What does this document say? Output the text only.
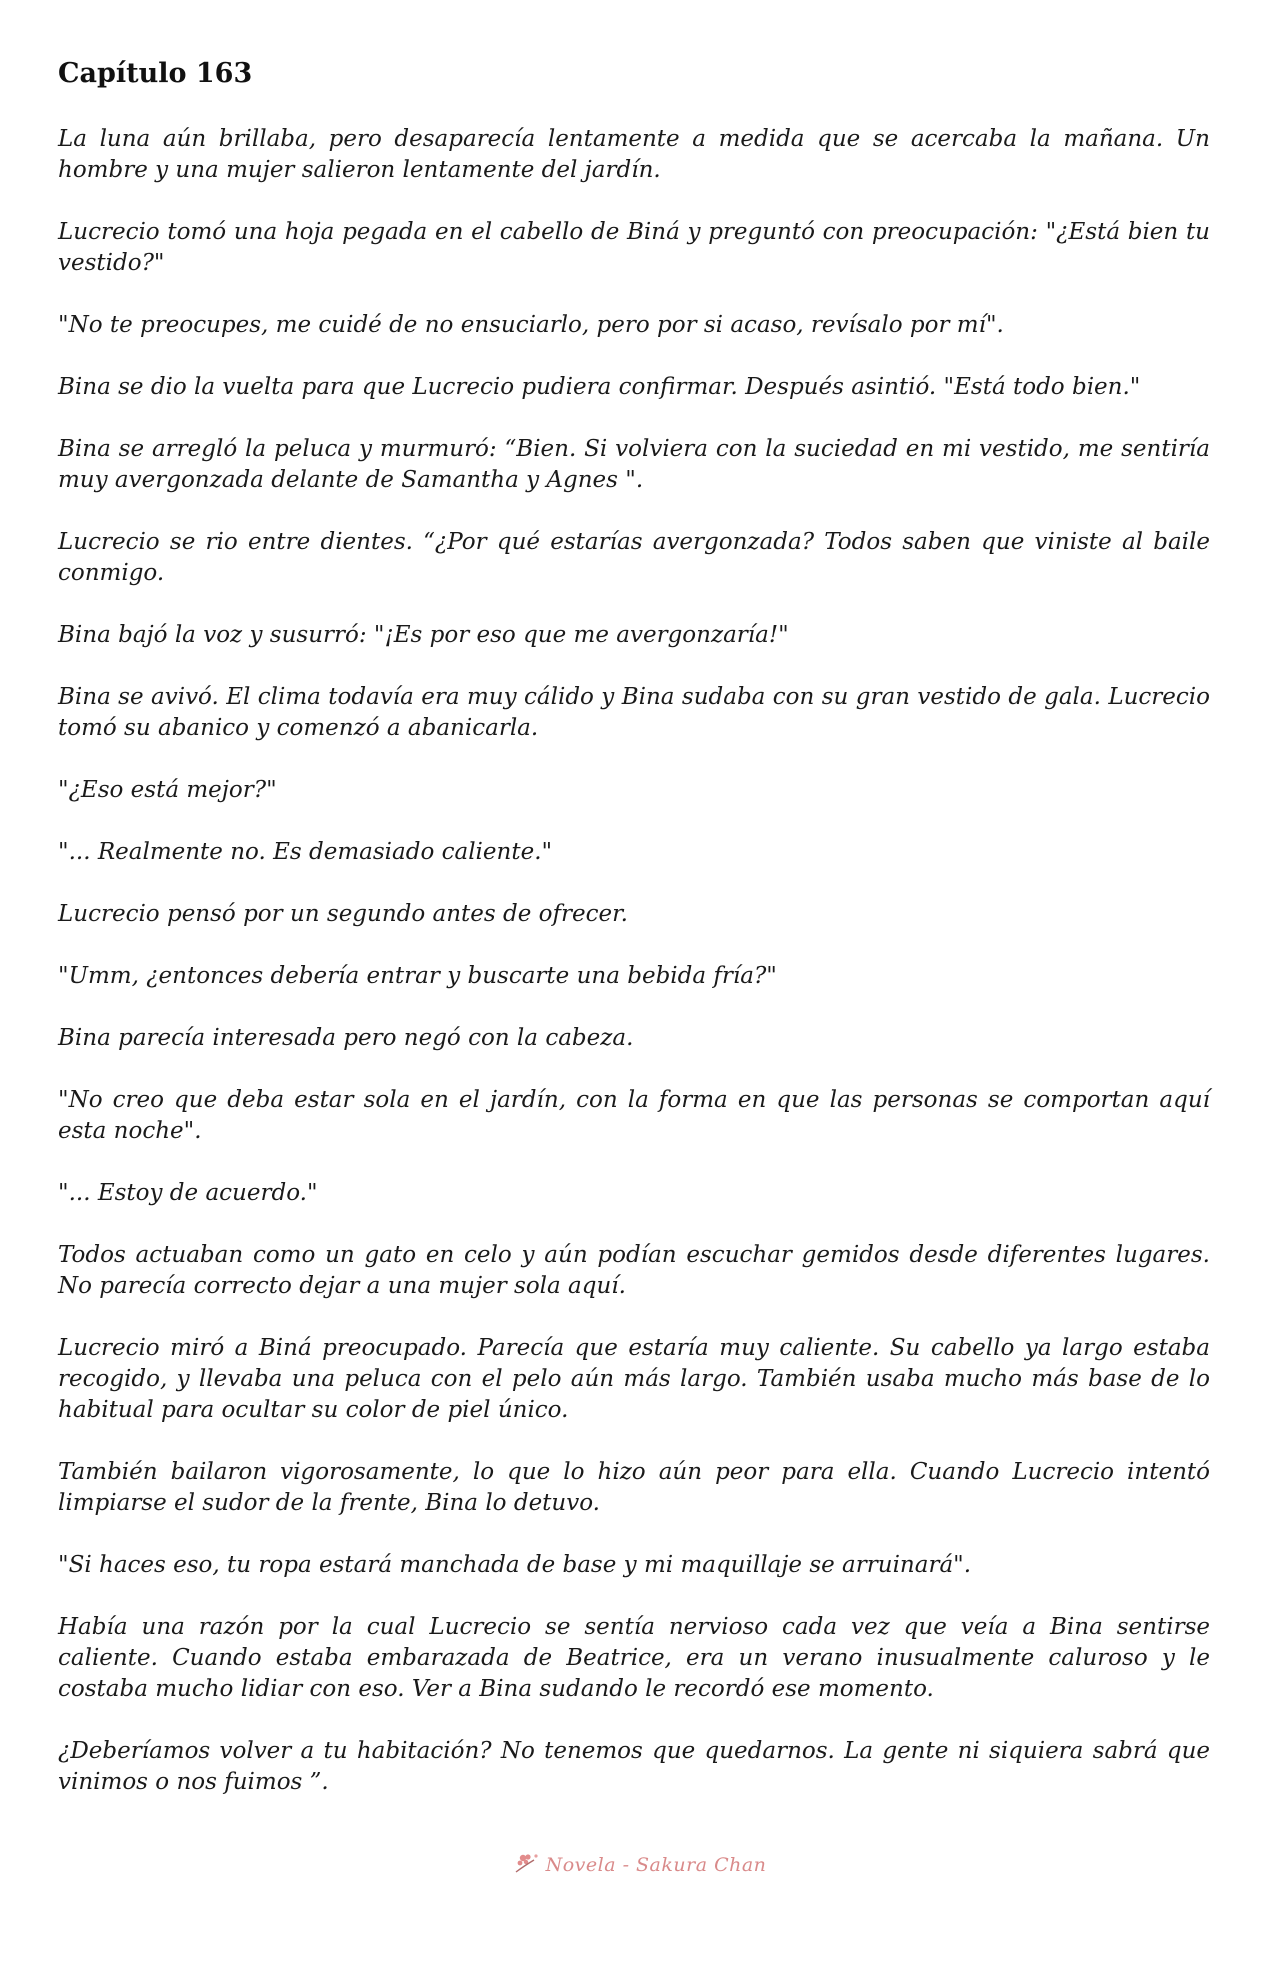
Capítulo 163

La luna aún brillaba, pero desaparecía lentamente a medida que se acercaba la mañana. Un hombre y una mujer salieron lentamente del jardín.

Lucrecio tomó una hoja pegada en el cabello de Biná y preguntó con preocupación: "¿Está bien tu vestido?"

"No te preocupes, me cuidé de no ensuciarlo, pero por si acaso, revísalo por mí".

Bina se dio la vuelta para que Lucrecio pudiera confirmar. Después asintió. "Está todo bien."

Bina se arregló la peluca y murmuró: “Bien. Si volviera con la suciedad en mi vestido, me sentiría muy avergonzada delante de Samantha y Agnes ".

Lucrecio se rio entre dientes. “¿Por qué estarías avergonzada? Todos saben que viniste al baile conmigo.

Bina bajó la voz y susurró: "¡Es por eso que me avergonzaría!"

Bina se avivó. El clima todavía era muy cálido y Bina sudaba con su gran vestido de gala. Lucrecio tomó su abanico y comenzó a abanicarla.

"¿Eso está mejor?"

"... Realmente no. Es demasiado caliente."

Lucrecio pensó por un segundo antes de ofrecer.

"Umm, ¿entonces debería entrar y buscarte una bebida fría?"

Bina parecía interesada pero negó con la cabeza.

"No creo que deba estar sola en el jardín, con la forma en que las personas se comportan aquí esta noche".

"... Estoy de acuerdo."

Todos actuaban como un gato en celo y aún podían escuchar gemidos desde diferentes lugares. No parecía correcto dejar a una mujer sola aquí.

Lucrecio miró a Biná preocupado. Parecía que estaría muy caliente. Su cabello ya largo estaba recogido, y llevaba una peluca con el pelo aún más largo. También usaba mucho más base de lo habitual para ocultar su color de piel único.

También bailaron vigorosamente, lo que lo hizo aún peor para ella. Cuando Lucrecio intentó limpiarse el sudor de la frente, Bina lo detuvo.

"Si haces eso, tu ropa estará manchada de base y mi maquillaje se arruinará".

Había una razón por la cual Lucrecio se sentía nervioso cada vez que veía a Bina sentirse caliente. Cuando estaba embarazada de Beatrice, era un verano inusualmente caluroso y le costaba mucho lidiar con eso. Ver a Bina sudando le recordó ese momento.

¿Deberíamos volver a tu habitación? No tenemos que quedarnos. La gente ni siquiera sabrá que vinimos o nos fuimos ”.

Novela - Sakura Chan
